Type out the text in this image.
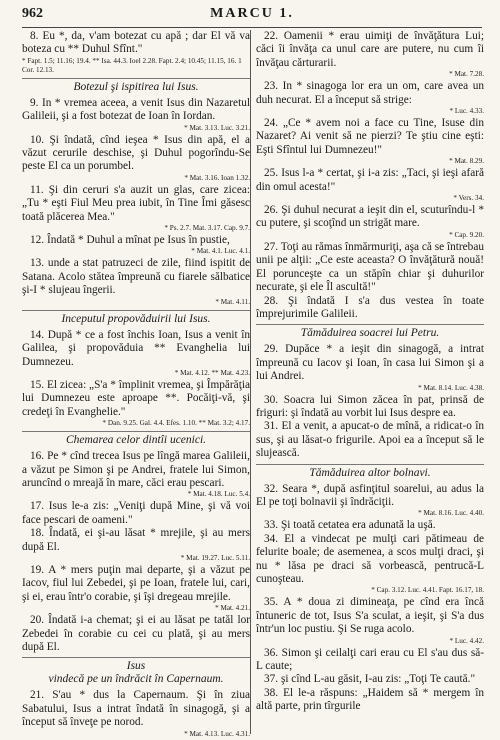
962	MARCU 1.

8. Eu *, da, v'am botezat cu apă ; dar El vă va boteza cu ** Duhul Sfînt."

* Fapt. 1.5; 11.16; 19.4. ** Isa. 44.3. Ioel 2.28. Fapt. 2.4; 10.45; 11.15, 16. 1 Cor. 12.13.

Botezul şi ispitirea lui Isus.

9. In * vremea aceea, a venit Isus din Nazaretul Galileii, şi a fost botezat de Ioan în Iordan.

* Mat. 3.13. Luc. 3.21.

10. Şi îndată, cînd ieşea * Isus din apă, el a văzut cerurile deschise, şi Duhul pogorîndu-Se peste El ca un porumbel.

* Mat. 3.16. Ioan 1.32.

11. Şi din ceruri s'a auzit un glas, care zicea: „Tu * eşti Fiul Meu prea iubit, în Tine Îmi găsesc toată plăcerea Mea."

* Ps. 2.7. Mat. 3.17. Cap. 9.7.

12. Îndată * Duhul a mînat pe Isus în pustie,

* Mat. 4.1. Luc. 4.1.

13. unde a stat patruzeci de zile, fiind ispitit de Satana. Acolo stătea împreună cu fiarele sălbatice şi-I * slujeau îngerii.

* Mat. 4.11.

Inceputul propovăduirii lui Isus.

14. După * ce a fost închis Ioan, Isus a venit în Galilea, şi propovăduia ** Evanghelia lui Dumnezeu.

* Mat. 4.12. ** Mat. 4.23.

15. El zicea: „S'a * împlinit vremea, şi Împărăţia lui Dumnezeu este aproape **. Pocăiţi-vă, şi credeţi în Evanghelie."

* Dan. 9.25. Gal. 4.4. Efes. 1.10. ** Mat. 3.2; 4.17.

Chemarea celor dintîi ucenici.

16. Pe * cînd trecea Isus pe lîngă marea Galileii, a văzut pe Simon şi pe Andrei, fratele lui Simon, aruncînd o mreajă în mare, căci erau pescari.

* Mat. 4.18. Luc. 5.4.

17. Isus le-a zis: „Veniţi după Mine, şi vă voi face pescari de oameni."

18. Îndată, ei şi-au lăsat * mrejile, şi au mers după El.

* Mat. 19.27. Luc. 5.11.

19. A * mers puţin mai departe, şi a văzut pe Iacov, fiul lui Zebedei, şi pe Ioan, fratele lui, cari, şi ei, erau într'o corabie, şi îşi dregeau mrejile.

* Mat. 4.21.

20. Îndată i-a chemat; şi ei au lăsat pe tatăl lor Zebedei în corabie cu cei cu plată, şi au mers după El.

Isus
vindecă pe un îndrăcit în Capernaum.

21. S'au * dus la Capernaum. Şi în ziua Sabatului, Isus a intrat îndată în sinagogă, şi a început să înveţe pe norod.

* Mat. 4.13. Luc. 4.31.

22. Oamenii * erau uimiţi de învăţătura Lui; căci îi învăţa ca unul care are putere, nu cum îi învăţau cărturarii.

* Mat. 7.28.

23. In * sinagoga lor era un om, care avea un duh necurat. El a început să strige:

* Luc. 4.33.

24. „Ce * avem noi a face cu Tine, Isuse din Nazaret? Ai venit să ne pierzi? Te ştiu cine eşti: Eşti Sfîntul lui Dumnezeu!"

* Mat. 8.29.

25. Isus l-a * certat, şi i-a zis: „Taci, şi ieşi afară din omul acesta!"

* Vers. 34.

26. Şi duhul necurat a ieşit din el, scuturîndu-l * cu putere, şi scoţînd un strigăt mare.

* Cap. 9.20.

27. Toţi au rămas înmărmuriţi, aşa că se întrebau unii pe alţii: „Ce este aceasta? O învăţătură nouă! El porunceşte ca un stăpîn chiar şi duhurilor necurate, şi ele Îl ascultă!"

28. Şi îndată I s'a dus vestea în toate împrejurimile Galileii.

Tămăduirea soacrei lui Petru.

29. Dupăce * a ieşit din sinagogă, a intrat împreună cu Iacov şi Ioan, în casa lui Simon şi a lui Andrei.

* Mat. 8.14. Luc. 4.38.

30. Soacra lui Simon zăcea în pat, prinsă de friguri: şi îndată au vorbit lui Isus despre ea.

31. El a venit, a apucat-o de mînă, a ridicat-o în sus, şi au lăsat-o frigurile. Apoi ea a început să le slujească.

Tămăduirea altor bolnavi.

32. Seara *, după asfinţitul soarelui, au adus la El pe toţi bolnavii şi îndrăciţii.

* Mat. 8.16. Luc. 4.40.

33. Şi toată cetatea era adunată la uşă.

34. El a vindecat pe mulţi cari pătimeau de felurite boale; de asemenea, a scos mulţi draci, şi nu * lăsa pe draci să vorbească, pentrucă-L cunoşteau.

* Cap. 3.12. Luc. 4.41. Fapt. 16.17, 18.

35. A * doua zi dimineaţa, pe cînd era încă întuneric de tot, Isus S'a sculat, a ieşit, şi S'a dus într'un loc pustiu. Şi Se ruga acolo.

* Luc. 4.42.

36. Simon şi ceilalţi cari erau cu El s'au dus să-L caute;

37. şi cînd L-au găsit, I-au zis: „Toţi Te caută."

38. El le-a răspuns: „Haidem să * mergem în altă parte, prin tîrgurile
